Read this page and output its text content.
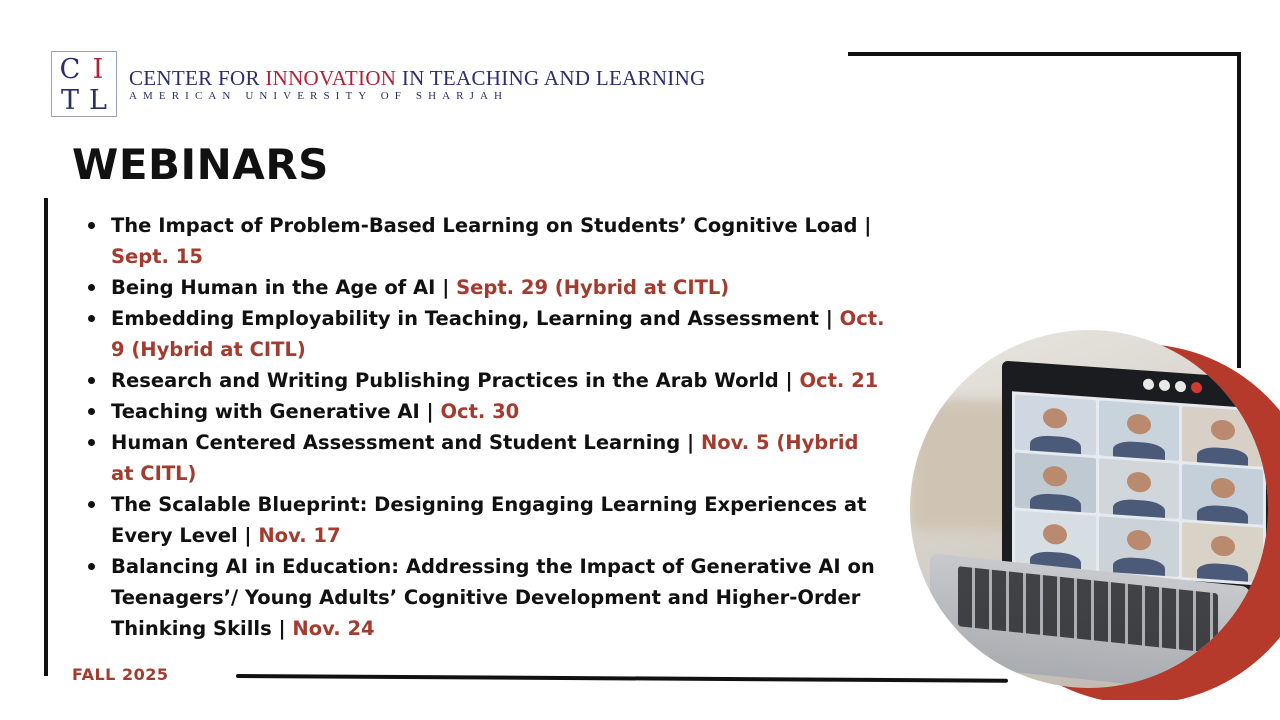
C I
T L
CENTER FOR INNOVATION IN TEACHING AND LEARNING
AMERICAN UNIVERSITY OF SHARJAH
WEBINARS
The Impact of Problem-Based Learning on Students’ Cognitive Load | Sept. 15
Being Human in the Age of AI | Sept. 29 (Hybrid at CITL)
Embedding Employability in Teaching, Learning and Assessment | Oct. 9 (Hybrid at CITL)
Research and Writing Publishing Practices in the Arab World | Oct. 21
Teaching with Generative AI | Oct. 30
Human Centered Assessment and Student Learning | Nov. 5 (Hybrid at CITL)
The Scalable Blueprint: Designing Engaging Learning Experiences at Every Level | Nov. 17
Balancing AI in Education: Addressing the Impact of Generative AI on Teenagers’/ Young Adults’ Cognitive Development and Higher-Order Thinking Skills | Nov. 24
FALL 2025
